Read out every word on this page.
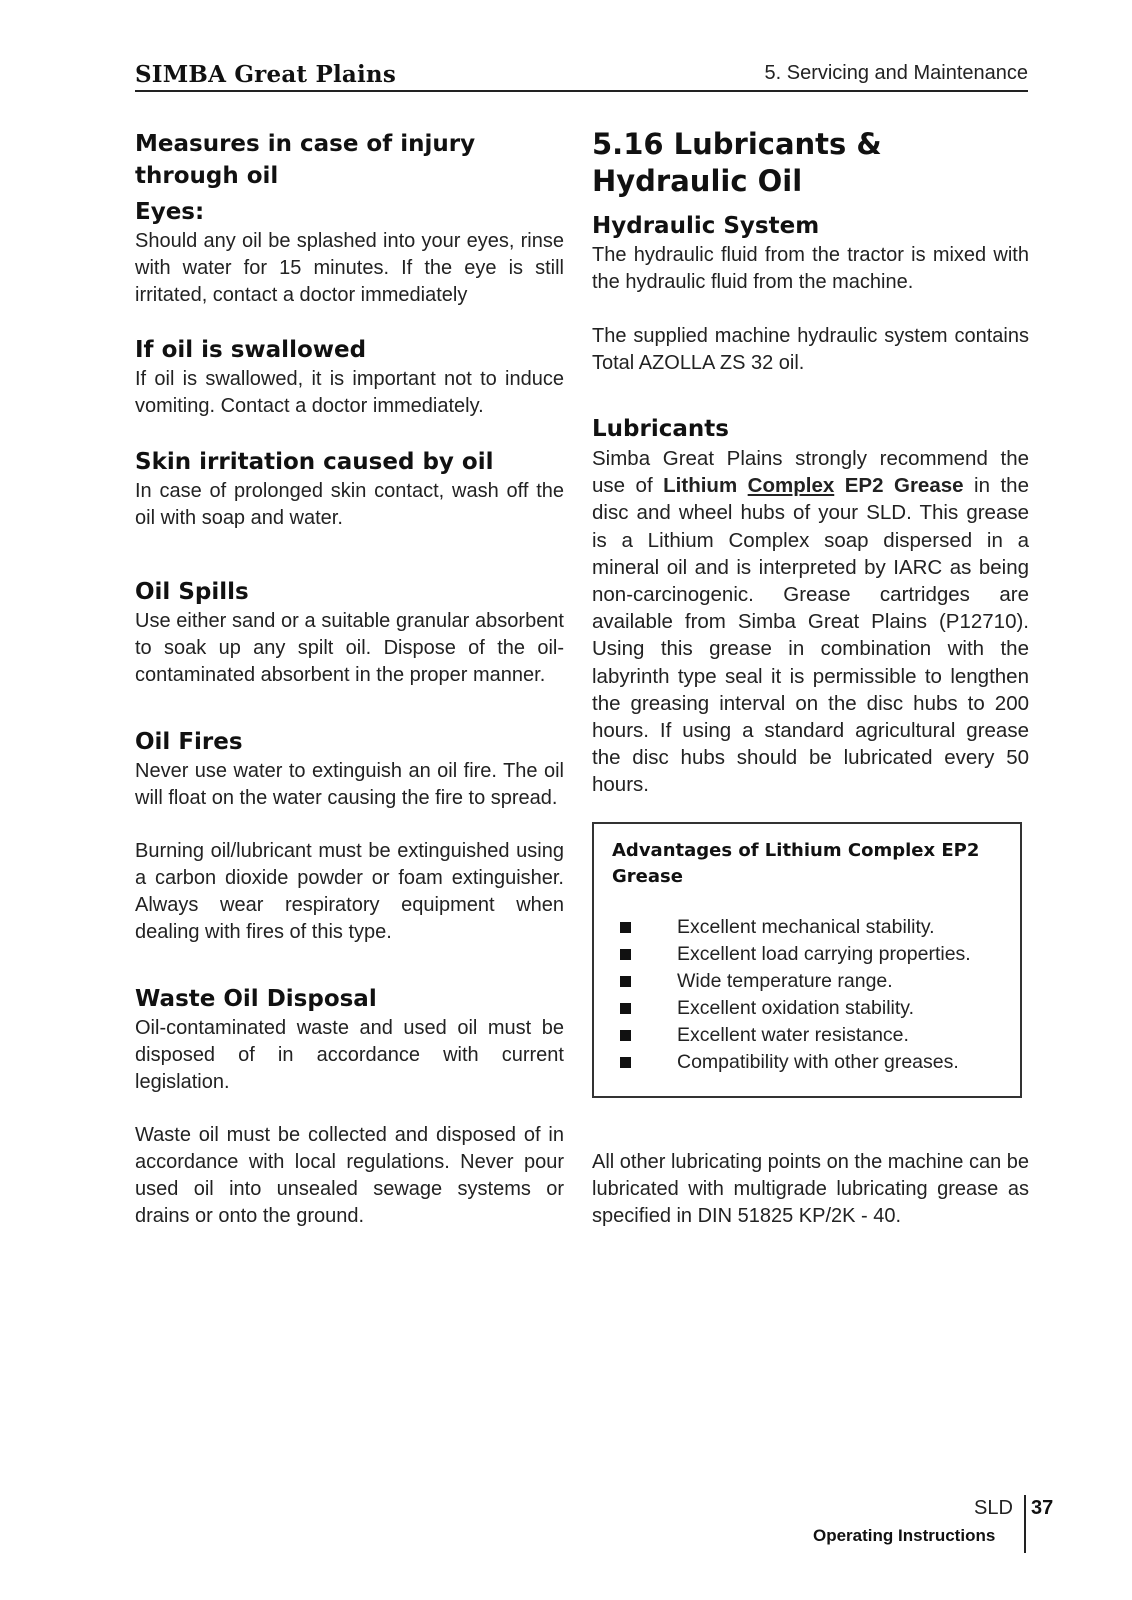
SIMBA Great Plains	5. Servicing and Maintenance
Measures in case of injury through oil
Eyes:

Should any oil be splashed into your eyes, rinse with water for 15 minutes. If the eye is still irritated, contact a doctor immediately

If oil is swallowed

If oil is swallowed, it is important not to induce vomiting. Contact a doctor immediately.

Skin irritation caused by oil

In case of prolonged skin contact, wash off the oil with soap and water.

Oil Spills

Use either sand or a suitable granular absorbent to soak up any spilt oil. Dispose of the oil-contaminated absorbent in the proper manner.

Oil Fires

Never use water to extinguish an oil fire. The oil will float on the water causing the fire to spread.

Burning oil/lubricant must be extinguished using a carbon dioxide powder or foam extinguisher. Always wear respiratory equipment when dealing with fires of this type.

Waste Oil Disposal

Oil-contaminated waste and used oil must be disposed of in accordance with current legislation.

Waste oil must be collected and disposed of in accordance with local regulations. Never pour used oil into unsealed sewage systems or drains or onto the ground.

5.16 Lubricants & Hydraulic Oil
Hydraulic System

The hydraulic fluid from the tractor is mixed with the hydraulic fluid from the machine.

The supplied machine hydraulic system contains Total AZOLLA ZS 32 oil.

Lubricants

Simba Great Plains strongly recommend the use of Lithium Complex EP2 Grease in the disc and wheel hubs of your SLD. This grease is a Lithium Complex soap dispersed in a mineral oil and is interpreted by IARC as being non-carcinogenic. Grease cartridges are available from Simba Great Plains (P12710). Using this grease in combination with the labyrinth type seal it is permissible to lengthen the greasing interval on the disc hubs to 200 hours. If using a standard agricultural grease the disc hubs should be lubricated every 50 hours.

Advantages of Lithium Complex EP2 Grease
Excellent mechanical stability.
Excellent load carrying properties.
Wide temperature range.
Excellent oxidation stability.
Excellent water resistance.
Compatibility with other greases.

All other lubricating points on the machine can be lubricated with multigrade lubricating grease as specified in DIN 51825 KP/2K - 40.

SLD 37
Operating Instructions
